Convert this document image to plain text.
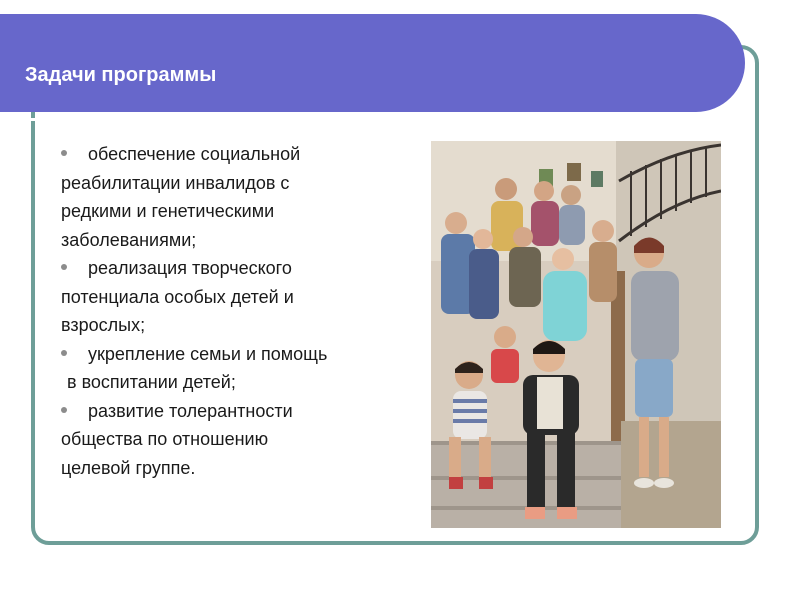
Задачи программы
обеспечение социальной
реабилитации инвалидов с
редкими и генетическими
заболеваниями;
реализация творческого
потенциала особых детей и
взрослых;
укрепление семьи и помощь
в воспитании детей;
развитие толерантности
общества по отношению
целевой группе.
